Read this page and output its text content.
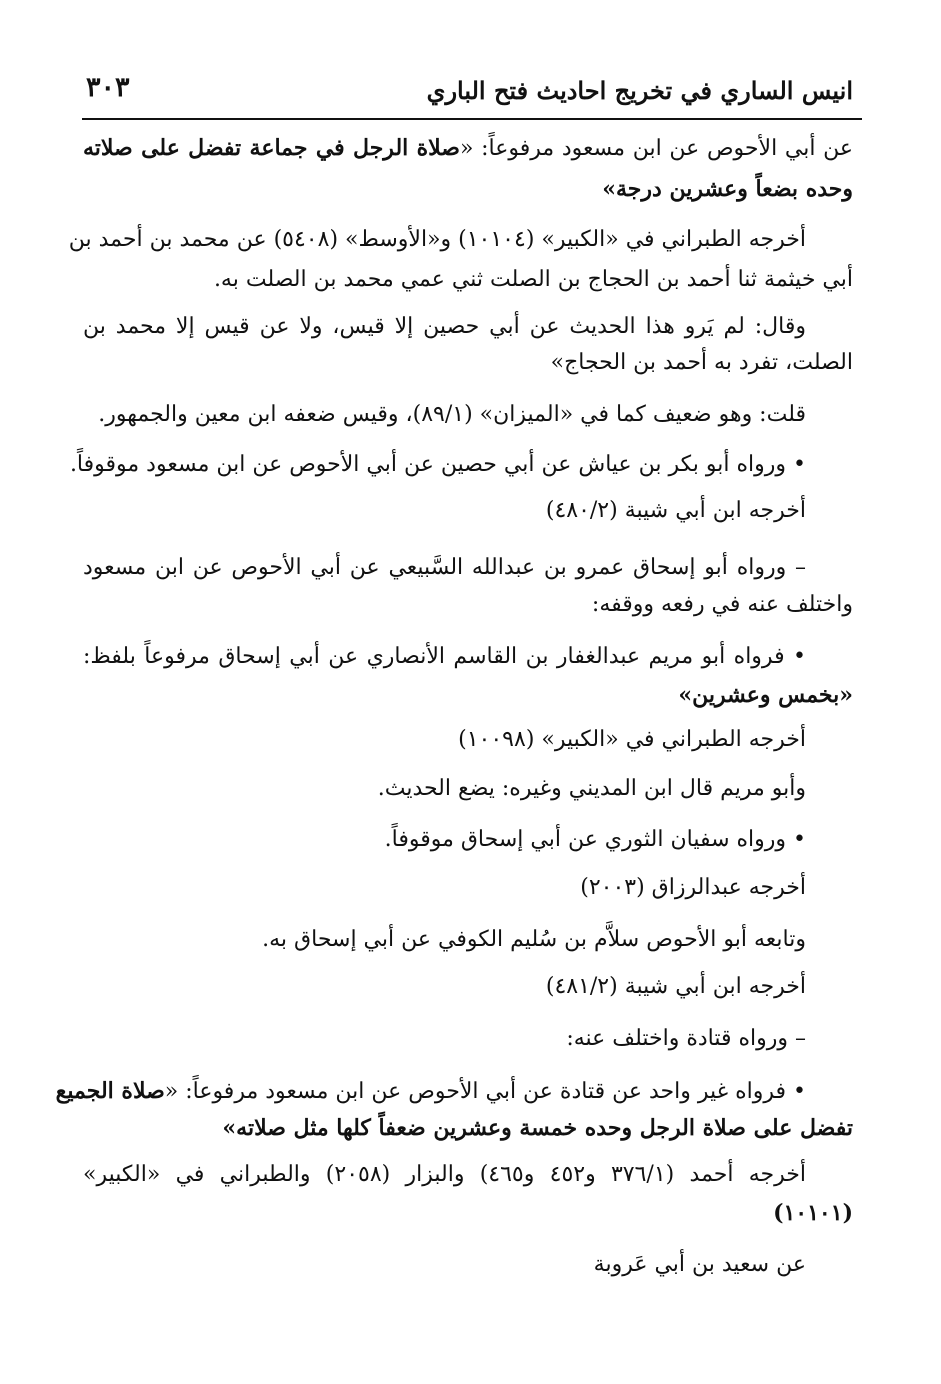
انيس الساري في تخريج احاديث فتح الباري
٣٠٣
عن أبي الأحوص عن ابن مسعود مرفوعاً: «صلاة الرجل في جماعة تفضل على صلاته
وحده بضعاً وعشرين درجة»
أخرجه الطبراني في «الكبير» (١٠١٠٤) و«الأوسط» (٥٤٠٨) عن محمد بن أحمد بن
أبي خيثمة ثنا أحمد بن الحجاج بن الصلت ثني عمي محمد بن الصلت به.
وقال: لم يَرو هذا الحديث عن أبي حصين إلا قيس، ولا عن قيس إلا محمد بن
الصلت، تفرد به أحمد بن الحجاج»
قلت: وهو ضعيف كما في «الميزان» (٨٩/١)، وقيس ضعفه ابن معين والجمهور.
• ورواه أبو بكر بن عياش عن أبي حصين عن أبي الأحوص عن ابن مسعود موقوفاً.
أخرجه ابن أبي شيبة (٤٨٠/٢)
– ورواه أبو إسحاق عمرو بن عبدالله السَّبيعي عن أبي الأحوص عن ابن مسعود
واختلف عنه في رفعه ووقفه:
• فرواه أبو مريم عبدالغفار بن القاسم الأنصاري عن أبي إسحاق مرفوعاً بلفظ:
«بخمس وعشرين»
أخرجه الطبراني في «الكبير» (١٠٠٩٨)
وأبو مريم قال ابن المديني وغيره: يضع الحديث.
• ورواه سفيان الثوري عن أبي إسحاق موقوفاً.
أخرجه عبدالرزاق (٢٠٠٣)
وتابعه أبو الأحوص سلاَّم بن سُليم الكوفي عن أبي إسحاق به.
أخرجه ابن أبي شيبة (٤٨١/٢)
– ورواه قتادة واختلف عنه:
• فرواه غير واحد عن قتادة عن أبي الأحوص عن ابن مسعود مرفوعاً: «صلاة الجميع
تفضل على صلاة الرجل وحده خمسة وعشرين ضعفاً كلها مثل صلاته»
أخرجه أحمد (٣٧٦/١ و٤٥٢ و٤٦٥) والبزار (٢٠٥٨) والطبراني في «الكبير»
(١٠١٠١)
عن سعيد بن أبي عَروبة
